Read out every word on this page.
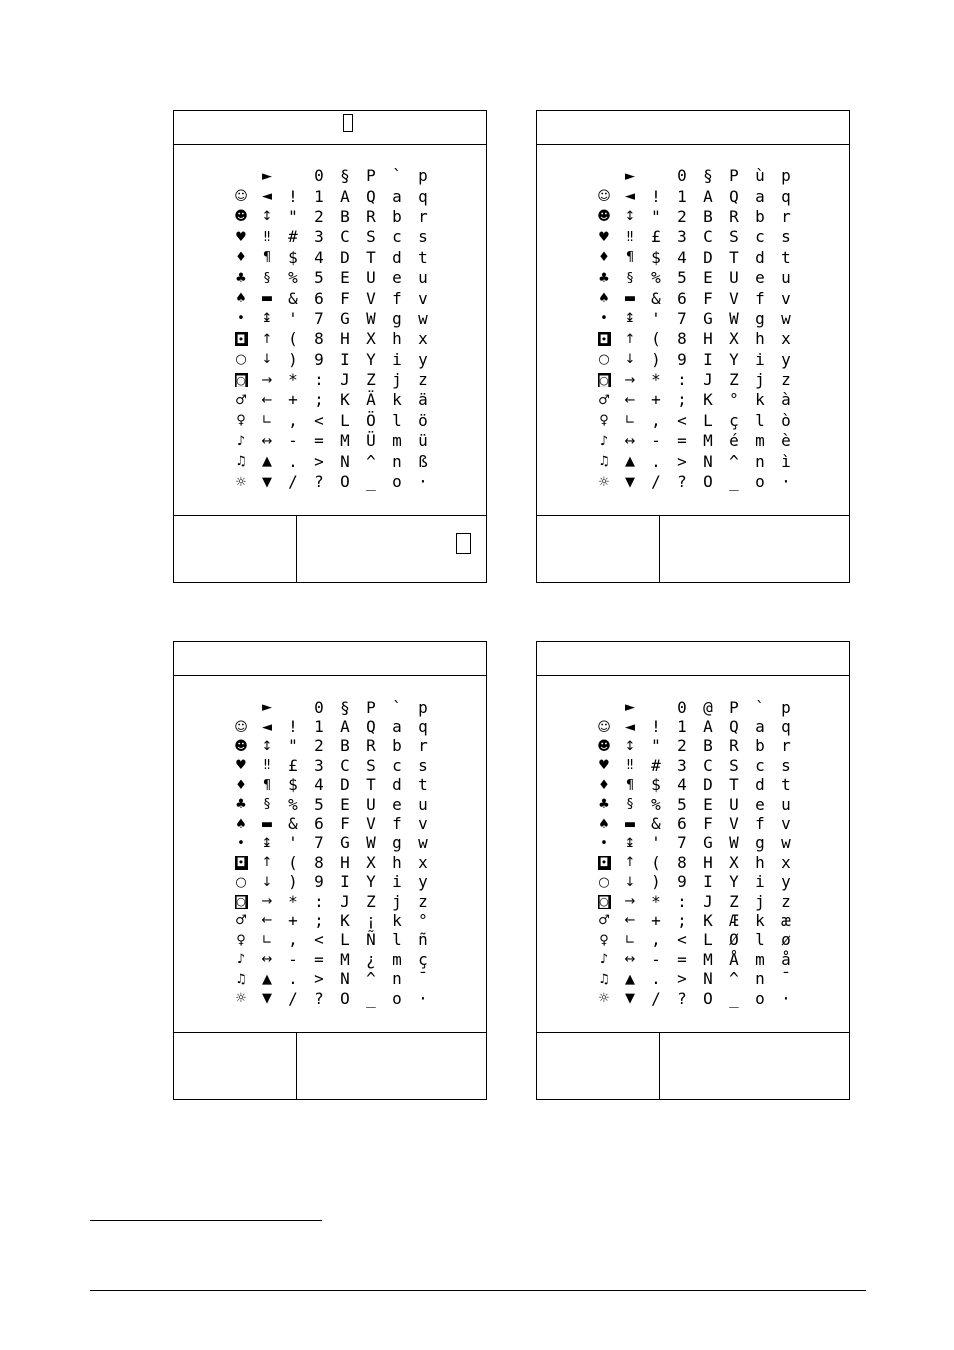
►	0	§	P	`	p
☺	◄	!	1	A	Q	a	q
☻	↕ "	2	B	R	b	r
♥	‼	#	3	C	S	c	s
♦	¶	$	4	D	T	d	t
♣	§	%	5	E	U	e	u
♠	▬ &	6	F	V	f	v
•	↨ '	7	G	W	g	w
◘	↑ (	8	H	X	h	x
○	↓ )	9	I	Y	i	y
◙	→ *	:	J	Z	j	z
♂	← +	;	K	Ä	k	ä
♀	∟ ,	<	L	Ö	l	ö
♪	↔ -	=	M	Ü	m	ü
♫	▲	.	>	N	^	n	ß
☼	▼	/	?	O	_	o	·
►	0	§	P	ù	p
☺	◄	!	1	A	Q	a	q
☻	↕ "	2	B	R	b	r
♥	‼	£	3	C	S	c	s
♦	¶	$	4	D	T	d	t
♣	§	%	5	E	U	e	u
♠	▬ &	6	F	V	f	v
•	↨ '	7	G	W	g	w
◘	↑ (	8	H	X	h	x
○	↓ )	9	I	Y	i	y
◙	→ *	:	J	Z	j	z
♂	← +	;	K	°	k	à
♀	∟ ,	<	L	ç	l	ò
♪	↔ -	=	M	é	m	è
♫	▲	.	>	N	^	n	ì
☼	▼	/	?	O	_	o	·
►	0	§	P	`	p
☺	◄	!	1	A	Q	a	q
☻	↕ "	2	B	R	b	r
♥	‼	£	3	C	S	c	s
♦	¶	$	4	D	T	d	t
♣	§	%	5	E	U	e	u
♠	▬ &	6	F	V	f	v
•	↨ '	7	G	W	g	w
◘	↑ (	8	H	X	h	x
○	↓ )	9	I	Y	i	y
◙	→ *	:	J	Z	j	z
♂	← +	;	K	¡	k	°
♀	∟ ,	<	L	Ñ	l	ñ
♪	↔ -	=	M	¿	m	ç
♫	▲	.	>	N	^	n	¯
☼	▼	/	?	O	_	o	·
►	0	@	P	`	p
☺	◄	!	1	A	Q	a	q
☻	↕ "	2	B	R	b	r
♥	‼	#	3	C	S	c	s
♦	¶	$	4	D	T	d	t
♣	§	%	5	E	U	e	u
♠	▬ &	6	F	V	f	v
•	↨ '	7	G	W	g	w
◘	↑ (	8	H	X	h	x
○	↓ )	9	I	Y	i	y
◙	→ *	:	J	Z	j	z
♂	← +	;	K	Æ	k	æ
♀	∟ ,	<	L	Ø	l	ø
♪	↔ -	=	M	Å	m	å
♫	▲	.	>	N	^	n	¯
☼	▼	/	?	O	_	o	·
